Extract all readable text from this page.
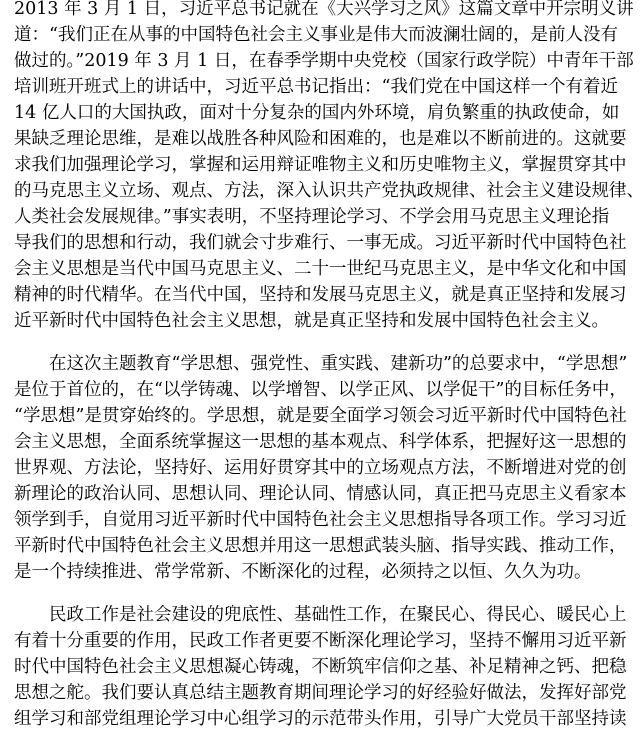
2013 年 3 月 1 日，习近平总书记就在《大兴学习之风》这篇文章中开宗明义讲
道：“我们正在从事的中国特色社会主义事业是伟大而波澜壮阔的，是前人没有
做过的。”2019 年 3 月 1 日，在春季学期中央党校（国家行政学院）中青年干部
培训班开班式上的讲话中，习近平总书记指出：“我们党在中国这样一个有着近
14 亿人口的大国执政，面对十分复杂的国内外环境，肩负繁重的执政使命，如
果缺乏理论思维，是难以战胜各种风险和困难的，也是难以不断前进的。这就要
求我们加强理论学习，掌握和运用辩证唯物主义和历史唯物主义，掌握贯穿其中
的马克思主义立场、观点、方法，深入认识共产党执政规律、社会主义建设规律、
人类社会发展规律。”事实表明，不坚持理论学习、不学会用马克思主义理论指
导我们的思想和行动，我们就会寸步难行、一事无成。习近平新时代中国特色社
会主义思想是当代中国马克思主义、二十一世纪马克思主义，是中华文化和中国
精神的时代精华。在当代中国，坚持和发展马克思主义，就是真正坚持和发展习
近平新时代中国特色社会主义思想，就是真正坚持和发展中国特色社会主义。
在这次主题教育“学思想、强党性、重实践、建新功”的总要求中，“学思想”
是位于首位的，在“以学铸魂、以学增智、以学正风、以学促干”的目标任务中，
“学思想”是贯穿始终的。学思想，就是要全面学习领会习近平新时代中国特色社
会主义思想，全面系统掌握这一思想的基本观点、科学体系，把握好这一思想的
世界观、方法论，坚持好、运用好贯穿其中的立场观点方法，不断增进对党的创
新理论的政治认同、思想认同、理论认同、情感认同，真正把马克思主义看家本
领学到手，自觉用习近平新时代中国特色社会主义思想指导各项工作。学习习近
平新时代中国特色社会主义思想并用这一思想武装头脑、指导实践、推动工作，
是一个持续推进、常学常新、不断深化的过程，必须持之以恒、久久为功。
民政工作是社会建设的兜底性、基础性工作，在聚民心、得民心、暖民心上
有着十分重要的作用，民政工作者更要不断深化理论学习，坚持不懈用习近平新
时代中国特色社会主义思想凝心铸魂，不断筑牢信仰之基、补足精神之钙、把稳
思想之舵。我们要认真总结主题教育期间理论学习的好经验好做法，发挥好部党
组学习和部党组理论学习中心组学习的示范带头作用，引导广大党员干部坚持读
